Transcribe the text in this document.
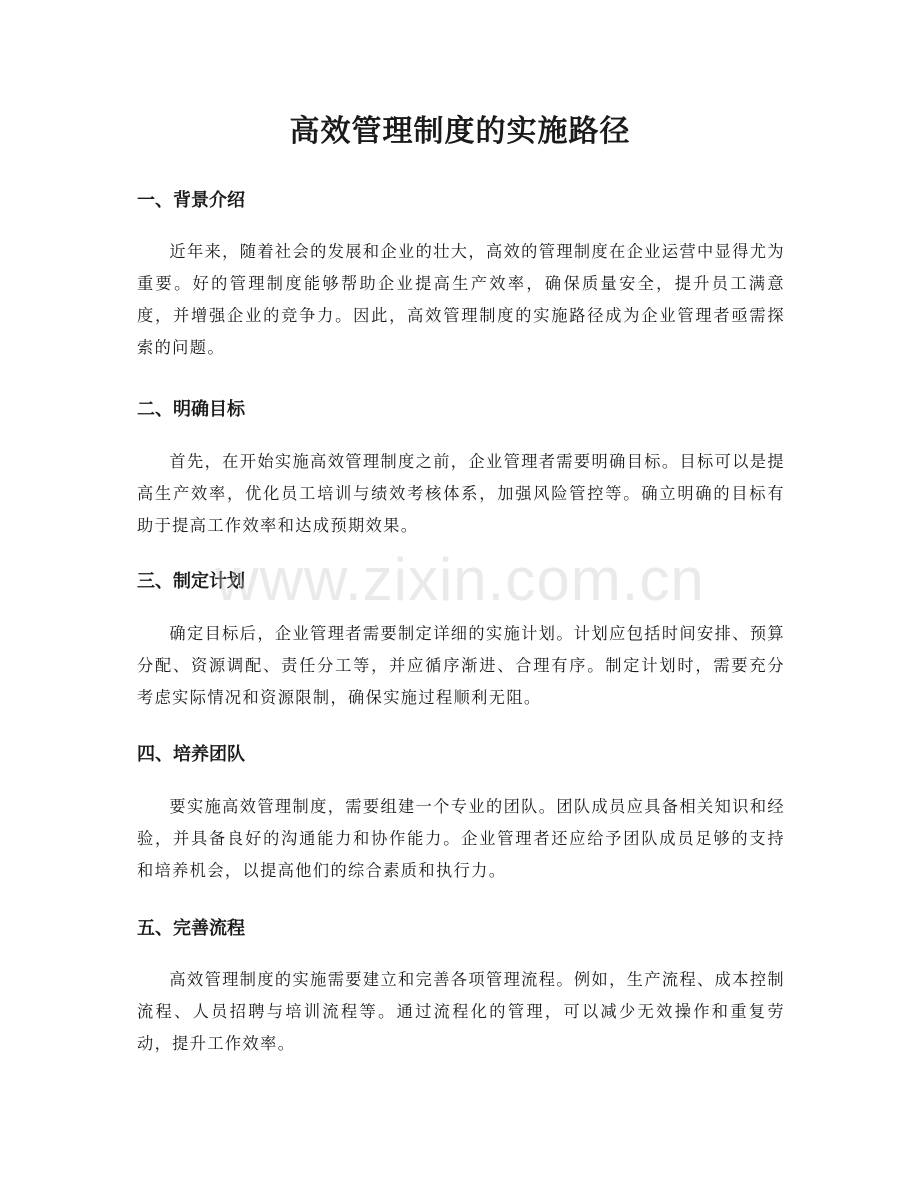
高效管理制度的实施路径
一、背景介绍

近年来，随着社会的发展和企业的壮大，高效的管理制度在企业运营中显得尤为重要。好的管理制度能够帮助企业提高生产效率，确保质量安全，提升员工满意度，并增强企业的竞争力。因此，高效管理制度的实施路径成为企业管理者亟需探索的问题。

二、明确目标

首先，在开始实施高效管理制度之前，企业管理者需要明确目标。目标可以是提高生产效率，优化员工培训与绩效考核体系，加强风险管控等。确立明确的目标有助于提高工作效率和达成预期效果。

三、制定计划

确定目标后，企业管理者需要制定详细的实施计划。计划应包括时间安排、预算分配、资源调配、责任分工等，并应循序渐进、合理有序。制定计划时，需要充分考虑实际情况和资源限制，确保实施过程顺利无阻。

四、培养团队

要实施高效管理制度，需要组建一个专业的团队。团队成员应具备相关知识和经验，并具备良好的沟通能力和协作能力。企业管理者还应给予团队成员足够的支持和培养机会，以提高他们的综合素质和执行力。

五、完善流程

高效管理制度的实施需要建立和完善各项管理流程。例如，生产流程、成本控制流程、人员招聘与培训流程等。通过流程化的管理，可以减少无效操作和重复劳动，提升工作效率。

www.zixin.com.cn
